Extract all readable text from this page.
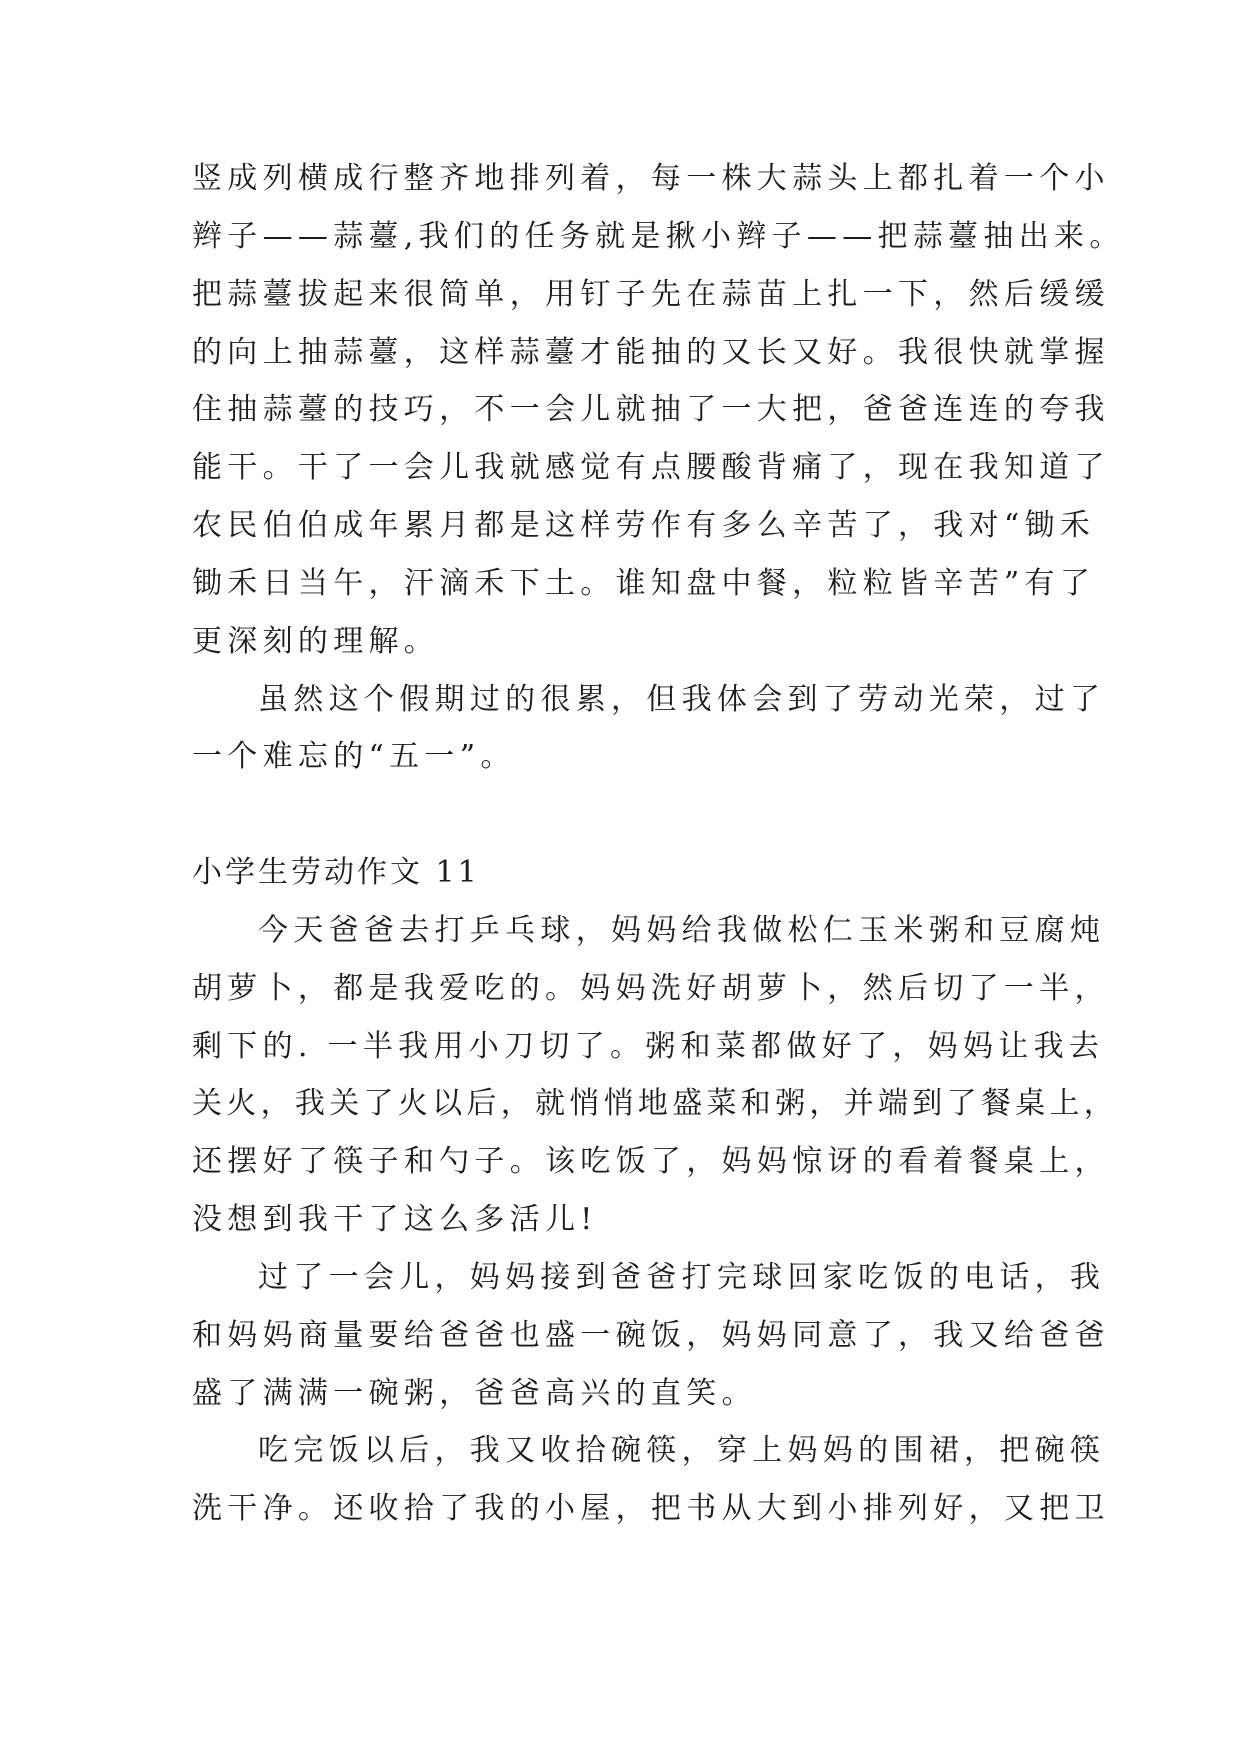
竖成列横成行整齐地排列着，每一株大蒜头上都扎着一个小
辫子——蒜薹,我们的任务就是揪小辫子——把蒜薹抽出来。
把蒜薹拔起来很简单，用钉子先在蒜苗上扎一下，然后缓缓
的向上抽蒜薹，这样蒜薹才能抽的又长又好。我很快就掌握
住抽蒜薹的技巧，不一会儿就抽了一大把，爸爸连连的夸我
能干。干了一会儿我就感觉有点腰酸背痛了，现在我知道了
农民伯伯成年累月都是这样劳作有多么辛苦了，我对“锄禾
锄禾日当午，汗滴禾下土。谁知盘中餐，粒粒皆辛苦”有了
更深刻的理解。
虽然这个假期过的很累，但我体会到了劳动光荣，过了
一个难忘的“五一”。
小学生劳动作文 11
今天爸爸去打乒乓球，妈妈给我做松仁玉米粥和豆腐炖
胡萝卜，都是我爱吃的。妈妈洗好胡萝卜，然后切了一半，
剩下的. 一半我用小刀切了。粥和菜都做好了，妈妈让我去
关火，我关了火以后，就悄悄地盛菜和粥，并端到了餐桌上，
还摆好了筷子和勺子。该吃饭了，妈妈惊讶的看着餐桌上，
没想到我干了这么多活儿!
过了一会儿，妈妈接到爸爸打完球回家吃饭的电话，我
和妈妈商量要给爸爸也盛一碗饭，妈妈同意了，我又给爸爸
盛了满满一碗粥，爸爸高兴的直笑。
吃完饭以后，我又收拾碗筷，穿上妈妈的围裙，把碗筷
洗干净。还收拾了我的小屋，把书从大到小排列好，又把卫
